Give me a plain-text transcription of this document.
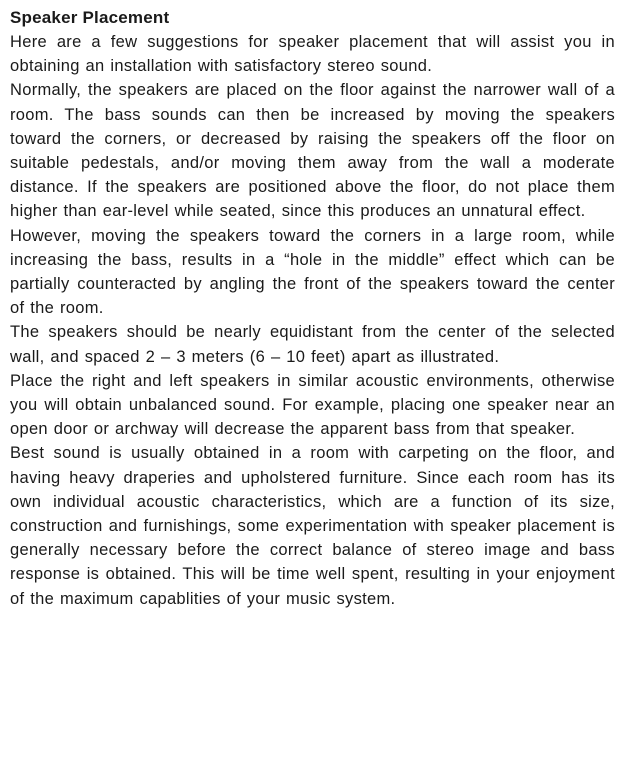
Speaker Placement

Here are a few suggestions for speaker placement that will assist you in obtaining an installation with satisfactory stereo sound.

Normally, the speakers are placed on the floor against the narrower wall of a room. The bass sounds can then be increased by moving the speakers toward the corners, or decreased by raising the speakers off the floor on suitable pedestals, and/or moving them away from the wall a moderate distance. If the speakers are positioned above the floor, do not place them higher than ear-level while seated, since this produces an unnatural effect.

However, moving the speakers toward the corners in a large room, while increasing the bass, results in a “hole in the middle” effect which can be partially counteracted by angling the front of the speakers toward the center of the room.

The speakers should be nearly equidistant from the center of the selected wall, and spaced 2 – 3 meters (6 – 10 feet) apart as illustrated.

Place the right and left speakers in similar acoustic environments, otherwise you will obtain unbalanced sound. For example, placing one speaker near an open door or archway will decrease the apparent bass from that speaker.

Best sound is usually obtained in a room with carpeting on the floor, and having heavy draperies and upholstered furniture. Since each room has its own individual acoustic characteristics, which are a function of its size, construction and furnishings, some experimentation with speaker placement is generally necessary before the correct balance of stereo image and bass response is obtained. This will be time well spent, resulting in your enjoyment of the maximum capablities of your music system.
